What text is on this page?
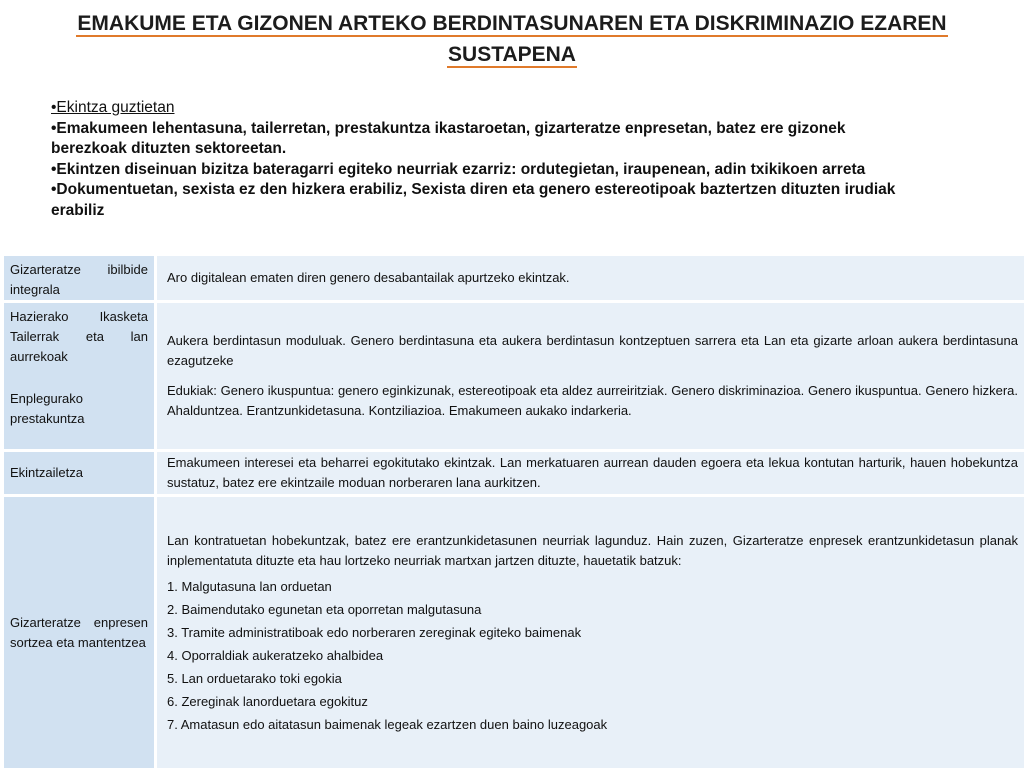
EMAKUME ETA GIZONEN ARTEKO BERDINTASUNAREN ETA DISKRIMINAZIO EZAREN
SUSTAPENA

•Ekintza guztietan

•Emakumeen lehentasuna, tailerretan, prestakuntza ikastaroetan, gizarteratze enpresetan, batez ere gizonek berezkoak dituzten sektoreetan.

•Ekintzen diseinuan bizitza bateragarri egiteko neurriak ezarriz: ordutegietan, iraupenean, adin txikikoen arreta

•Dokumentuetan, sexista ez den hizkera erabiliz, Sexista diren eta genero estereotipoak baztertzen dituzten irudiak erabiliz

Gizarteratze ibilbide integrala

Aro digitalean ematen diren genero desabantailak apurtzeko ekintzak.

Hazierako Ikasketa Tailerrak eta lan aurrekoak
Enplegurako prestakuntza

Aukera berdintasun moduluak. Genero berdintasuna eta aukera berdintasun kontzeptuen sarrera eta Lan eta gizarte arloan aukera berdintasuna ezagutzeke

Edukiak: Genero ikuspuntua: genero eginkizunak, estereotipoak eta aldez aurreiritziak. Genero diskriminazioa. Genero ikuspuntua. Genero hizkera. Ahalduntzea. Erantzunkidetasuna. Kontziliazioa. Emakumeen aukako indarkeria.

Ekintzailetza

Emakumeen interesei eta beharrei egokitutako ekintzak. Lan merkatuaren aurrean dauden egoera eta lekua kontutan harturik, hauen hobekuntza sustatuz, batez ere ekintzaile moduan norberaren lana aurkitzen.

Gizarteratze enpresen sortzea eta mantentzea

Lan kontratuetan hobekuntzak, batez ere erantzunkidetasunen neurriak lagunduz. Hain zuzen, Gizarteratze enpresek erantzunkidetasun planak inplementatuta dituzte eta hau lortzeko neurriak martxan jartzen dituzte, hauetatik batzuk:

1. Malgutasuna lan orduetan

2. Baimendutako egunetan eta oporretan malgutasuna

3. Tramite administratiboak edo norberaren zereginak egiteko baimenak

4. Oporraldiak aukeratzeko ahalbidea

5. Lan orduetarako toki egokia

6. Zereginak lanorduetara egokituz

7. Amatasun edo aitatasun baimenak legeak ezartzen duen baino luzeagoak
